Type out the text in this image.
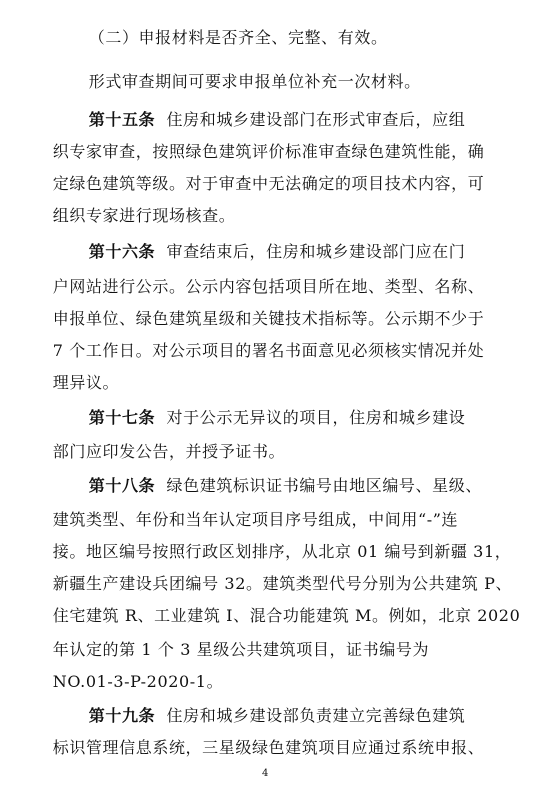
（二）申报材料是否齐全、完整、有效。

形式审查期间可要求申报单位补充一次材料。

第十五条  住房和城乡建设部门在形式审查后，应组

织专家审查，按照绿色建筑评价标准审查绿色建筑性能，确

定绿色建筑等级。对于审查中无法确定的项目技术内容，可

组织专家进行现场核查。

第十六条  审查结束后，住房和城乡建设部门应在门

户网站进行公示。公示内容包括项目所在地、类型、名称、

申报单位、绿色建筑星级和关键技术指标等。公示期不少于

7 个工作日。对公示项目的署名书面意见必须核实情况并处

理异议。

第十七条  对于公示无异议的项目，住房和城乡建设

部门应印发公告，并授予证书。

第十八条  绿色建筑标识证书编号由地区编号、星级、

建筑类型、年份和当年认定项目序号组成，中间用“-”连

接。地区编号按照行政区划排序，从北京 01 编号到新疆 31，

新疆生产建设兵团编号 32。建筑类型代号分别为公共建筑 P、

住宅建筑 R、工业建筑 I、混合功能建筑 M。例如，北京 2020

年认定的第 1 个 3 星级公共建筑项目，证书编号为

NO.01-3-P-2020-1。

第十九条  住房和城乡建设部负责建立完善绿色建筑

标识管理信息系统，三星级绿色建筑项目应通过系统申报、

4
